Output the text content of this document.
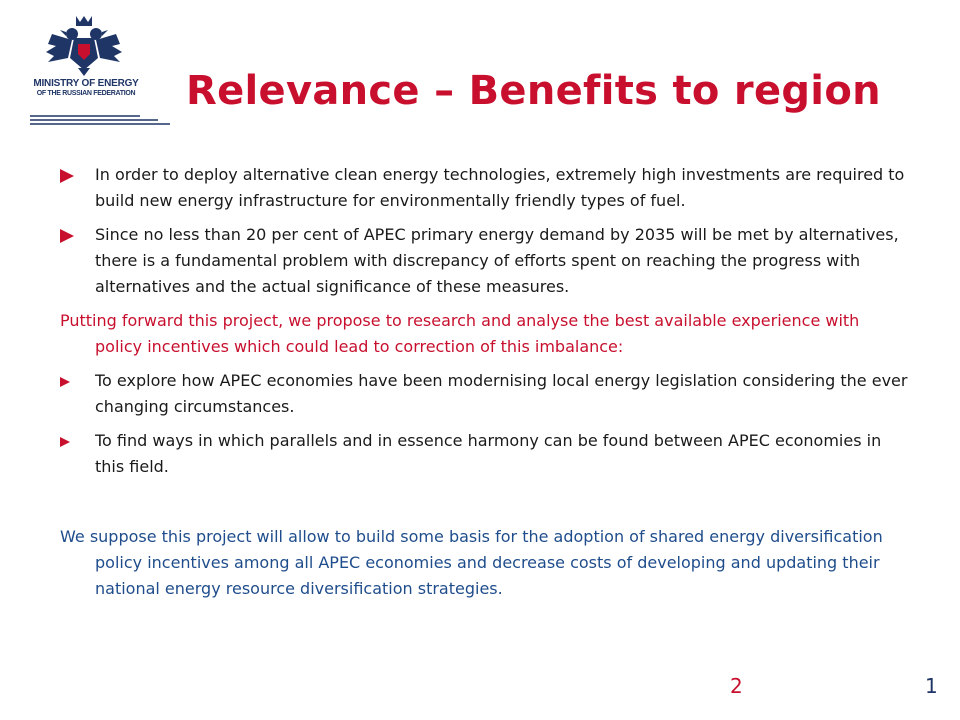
MINISTRY OF ENERGY
OF THE RUSSIAN FEDERATION Relevance – Benefits to region
In order to deploy alternative clean energy technologies, extremely high investments are required to build new energy infrastructure for environmentally friendly types of fuel.
Since no less than 20 per cent of APEC primary energy demand by 2035 will be met by alternatives, there is a fundamental problem with discrepancy of efforts spent on reaching the progress with alternatives and the actual significance of these measures.
Putting forward this project, we propose to research and analyse the best available experience with policy incentives which could lead to correction of this imbalance:
To explore how APEC economies have been modernising local energy legislation considering the ever changing circumstances.
To find ways in which parallels and in essence harmony can be found between APEC economies in this field.
We suppose this project will allow to build some basis for the adoption of shared energy diversification policy incentives among all APEC economies and decrease costs of developing and updating their national energy resource diversification strategies.
2	1
